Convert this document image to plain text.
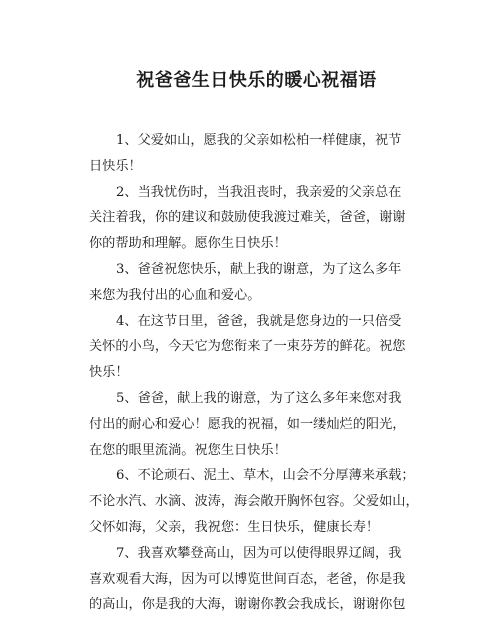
祝爸爸生日快乐的暖心祝福语

1、父爱如山，愿我的父亲如松柏一样健康，祝节
日快乐！

2、当我忧伤时，当我沮丧时，我亲爱的父亲总在
关注着我，你的建议和鼓励使我渡过难关，爸爸，谢谢
你的帮助和理解。愿你生日快乐！

3、爸爸祝您快乐，献上我的谢意，为了这么多年
来您为我付出的心血和爱心。

4、在这节日里，爸爸，我就是您身边的一只倍受
关怀的小鸟，今天它为您衔来了一束芬芳的鲜花。祝您
快乐！

5、爸爸，献上我的谢意，为了这么多年来您对我
付出的耐心和爱心！愿我的祝福，如一缕灿烂的阳光，
在您的眼里流淌。祝您生日快乐！

6、不论顽石、泥土、草木，山会不分厚薄来承载；
不论水汽、水滴、波涛，海会敞开胸怀包容。父爱如山，
父怀如海，父亲，我祝您：生日快乐，健康长寿！

7、我喜欢攀登高山，因为可以使得眼界辽阔，我
喜欢观看大海，因为可以博览世间百态，老爸，你是我
的高山，你是我的大海，谢谢你教会我成长，谢谢你包
